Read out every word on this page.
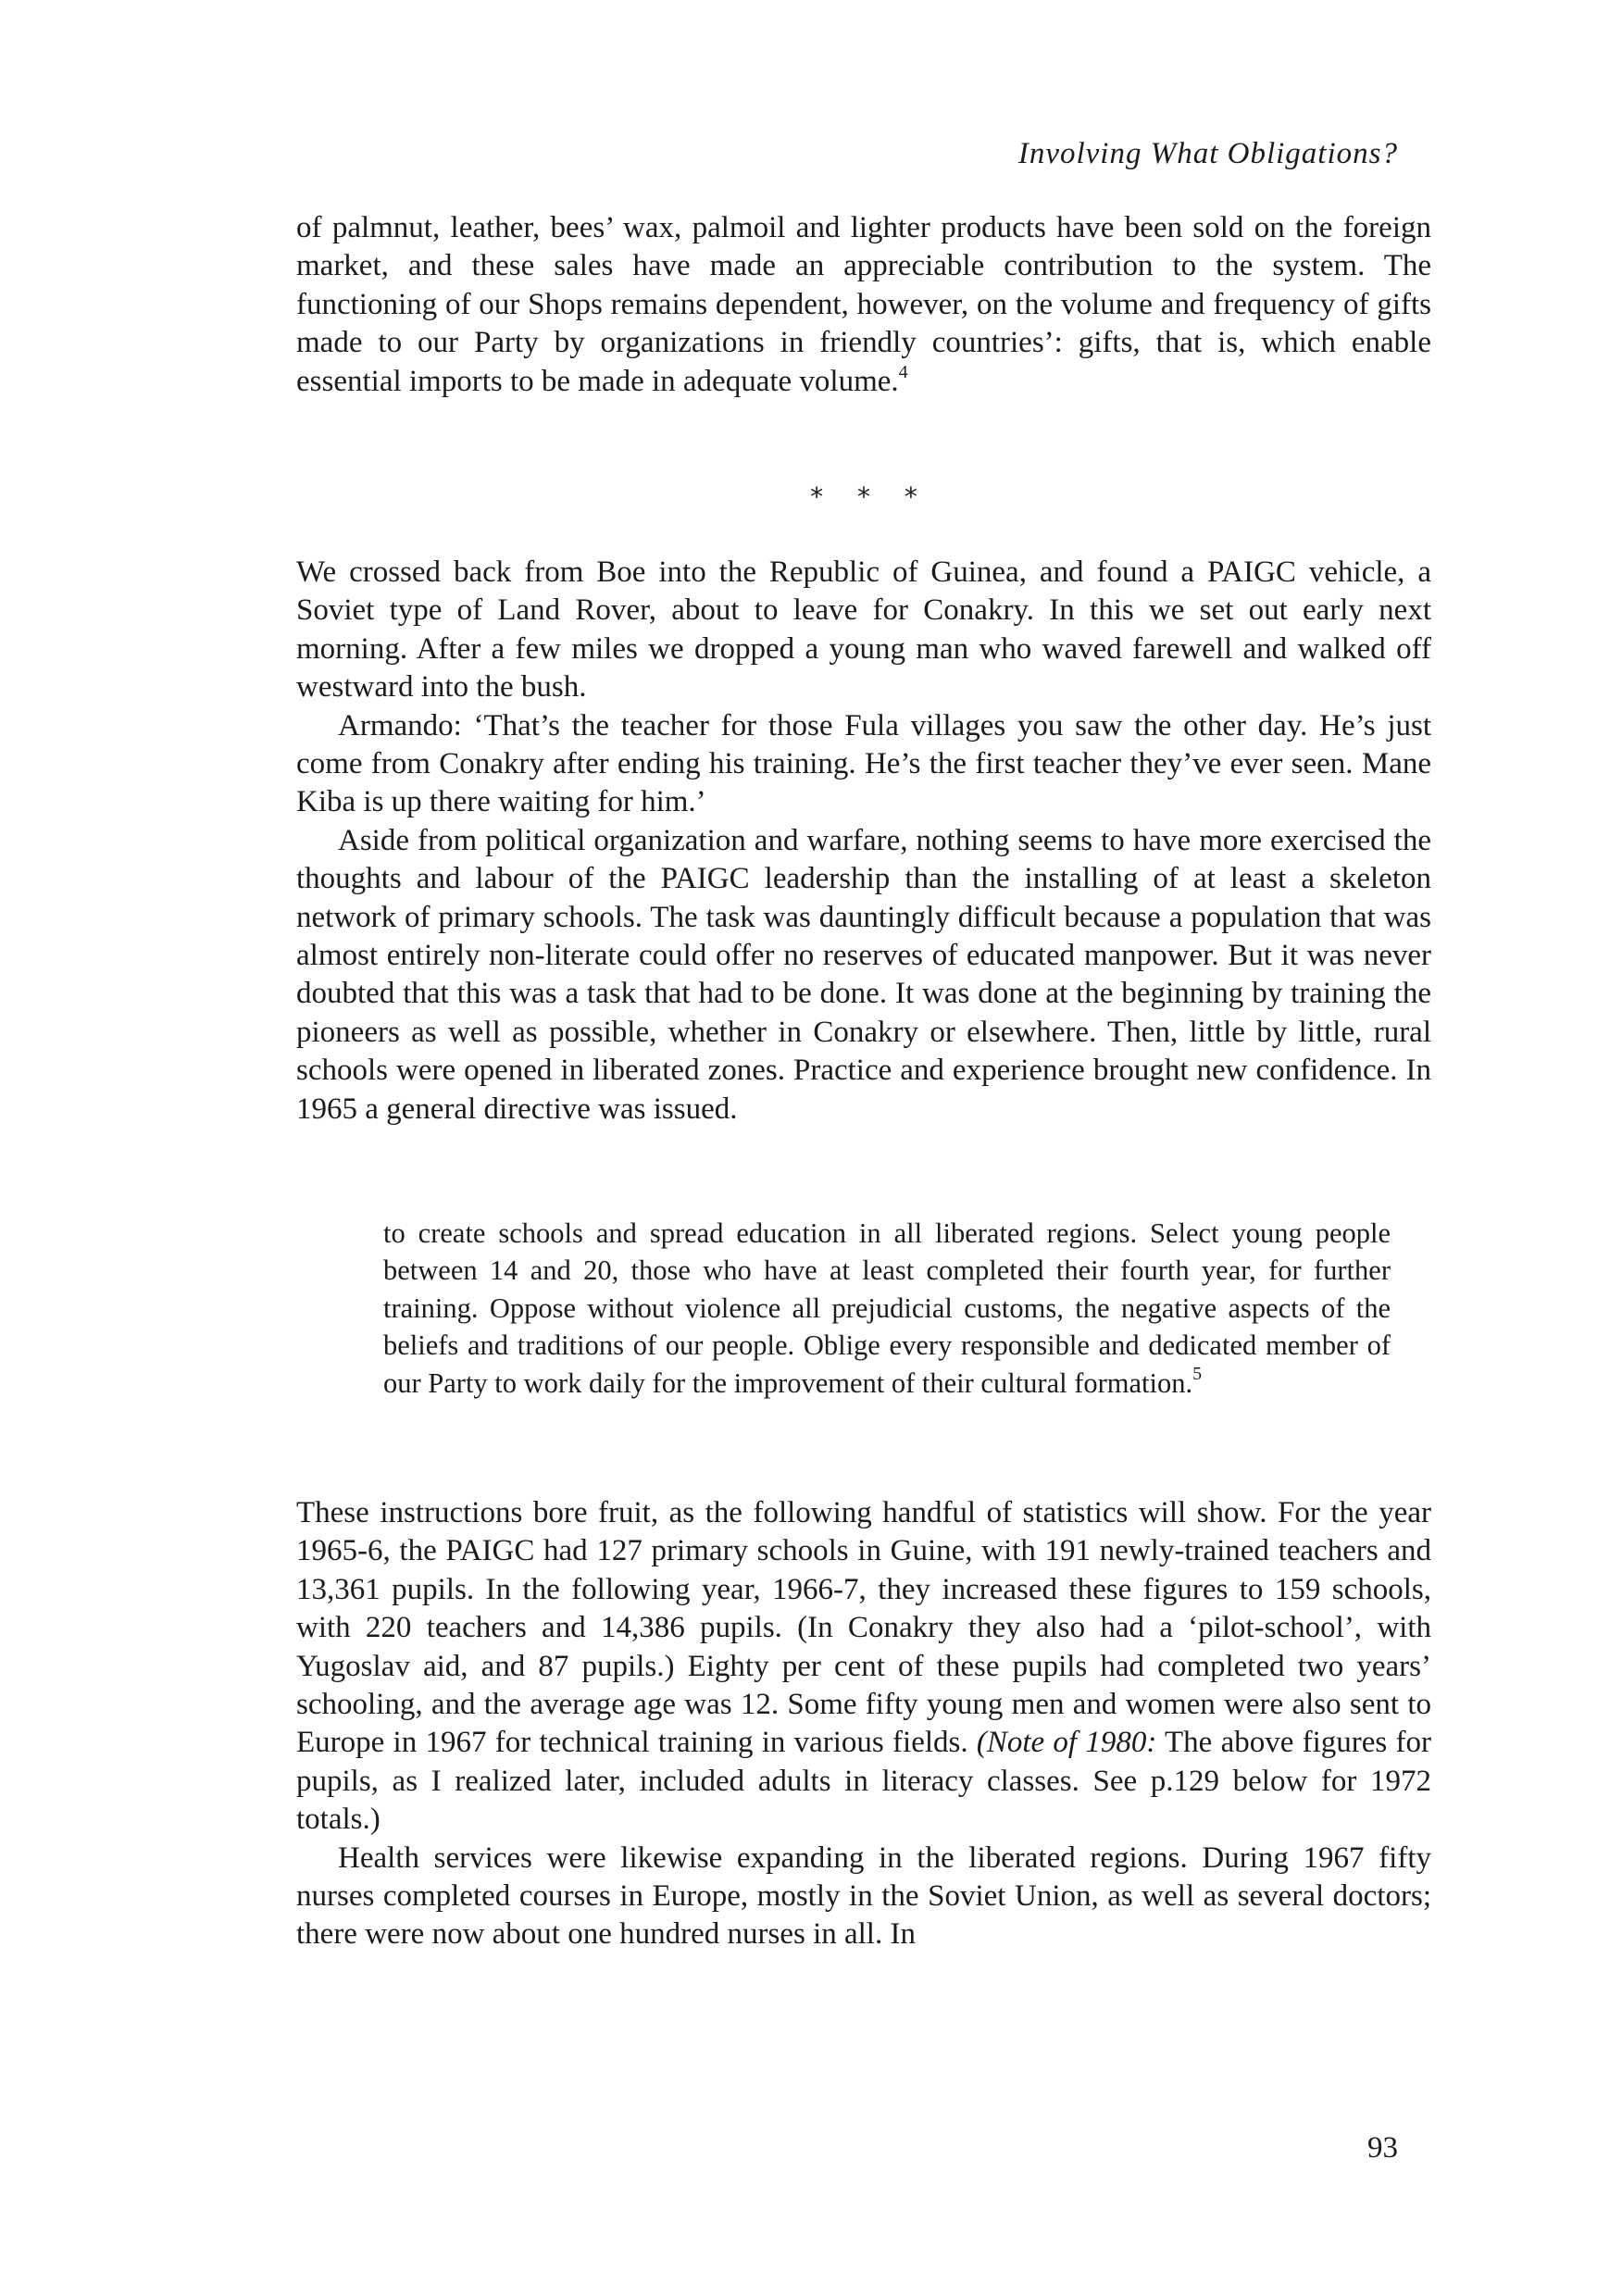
Involving What Obligations?

of palmnut, leather, bees’ wax, palmoil and lighter products have been sold on the foreign market, and these sales have made an appreciable contribution to the system. The functioning of our Shops remains dependent, however, on the volume and frequency of gifts made to our Party by organizations in friendly countries’: gifts, that is, which enable essential imports to be made in adequate volume.$^4$

* * *

We crossed back from Boe into the Republic of Guinea, and found a PAIGC vehicle, a Soviet type of Land Rover, about to leave for Conakry. In this we set out early next morning. After a few miles we dropped a young man who waved farewell and walked off westward into the bush.

Armando: ‘That’s the teacher for those Fula villages you saw the other day. He’s just come from Conakry after ending his training. He’s the first teacher they’ve ever seen. Mane Kiba is up there waiting for him.’

Aside from political organization and warfare, nothing seems to have more exercised the thoughts and labour of the PAIGC leadership than the installing of at least a skeleton network of primary schools. The task was dauntingly difficult because a population that was almost entirely non-literate could offer no reserves of educated manpower. But it was never doubted that this was a task that had to be done. It was done at the beginning by training the pioneers as well as possible, whether in Conakry or elsewhere. Then, little by little, rural schools were opened in liberated zones. Practice and experience brought new confidence. In 1965 a general directive was issued.

to create schools and spread education in all liberated regions. Select young people between 14 and 20, those who have at least completed their fourth year, for further training. Oppose without violence all prejudicial customs, the negative aspects of the beliefs and traditions of our people. Oblige every responsible and dedicated member of our Party to work daily for the improvement of their cultural formation.$^5$

These instructions bore fruit, as the following handful of statistics will show. For the year 1965-6, the PAIGC had 127 primary schools in Guine, with 191 newly-trained teachers and 13,361 pupils. In the following year, 1966-7, they increased these figures to 159 schools, with 220 teachers and 14,386 pupils. (In Conakry they also had a ‘pilot-school’, with Yugoslav aid, and 87 pupils.) Eighty per cent of these pupils had completed two years’ schooling, and the average age was 12. Some fifty young men and women were also sent to Europe in 1967 for technical training in various fields. (Note of 1980: The above figures for pupils, as I realized later, included adults in literacy classes. See p.129 below for 1972 totals.)

Health services were likewise expanding in the liberated regions. During 1967 fifty nurses completed courses in Europe, mostly in the Soviet Union, as well as several doctors; there were now about one hundred nurses in all. In

93
